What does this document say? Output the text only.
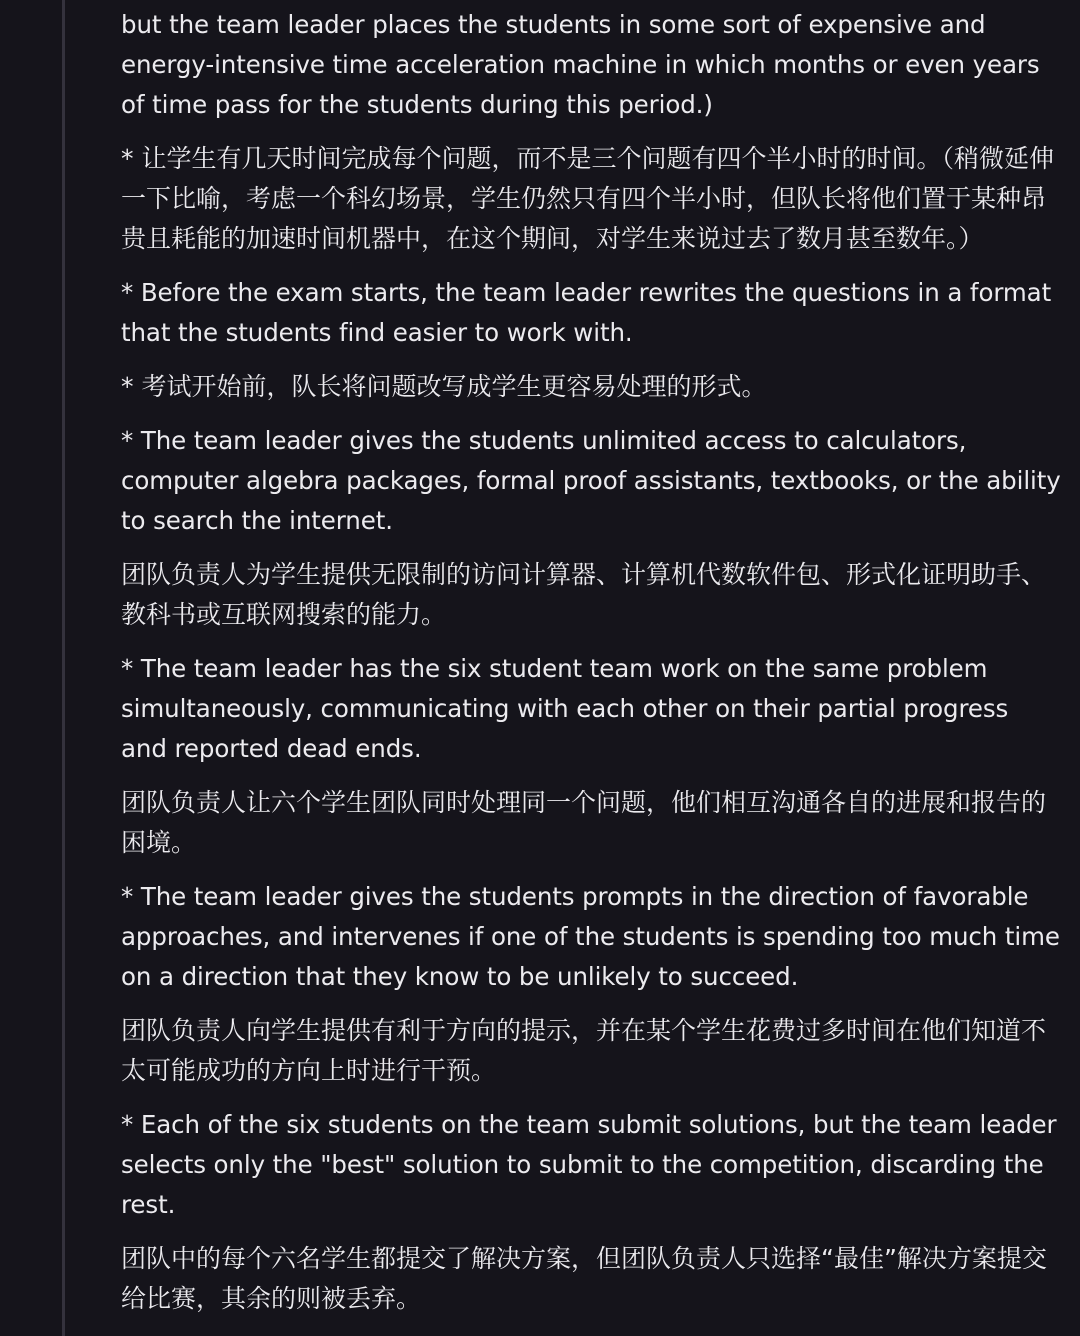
but the team leader places the students in some sort of expensive and energy-intensive time acceleration machine in which months or even years of time pass for the students during this period.)

* 让学生有几天时间完成每个问题，而不是三个问题有四个半小时的时间。（稍微延伸一下比喻，考虑一个科幻场景，学生仍然只有四个半小时，但队长将他们置于某种昂贵且耗能的加速时间机器中，在这个期间，对学生来说过去了数月甚至数年。）

* Before the exam starts, the team leader rewrites the questions in a format that the students find easier to work with.

* 考试开始前，队长将问题改写成学生更容易处理的形式。

* The team leader gives the students unlimited access to calculators, computer algebra packages, formal proof assistants, textbooks, or the ability to search the internet.

团队负责人为学生提供无限制的访问计算器、计算机代数软件包、形式化证明助手、教科书或互联网搜索的能力。

* The team leader has the six student team work on the same problem simultaneously, communicating with each other on their partial progress and reported dead ends.

团队负责人让六个学生团队同时处理同一个问题，他们相互沟通各自的进展和报告的困境。

* The team leader gives the students prompts in the direction of favorable approaches, and intervenes if one of the students is spending too much time on a direction that they know to be unlikely to succeed.

团队负责人向学生提供有利于方向的提示，并在某个学生花费过多时间在他们知道不太可能成功的方向上时进行干预。

* Each of the six students on the team submit solutions, but the team leader selects only the "best" solution to submit to the competition, discarding the rest.

团队中的每个六名学生都提交了解决方案，但团队负责人只选择“最佳”解决方案提交给比赛，其余的则被丢弃。
